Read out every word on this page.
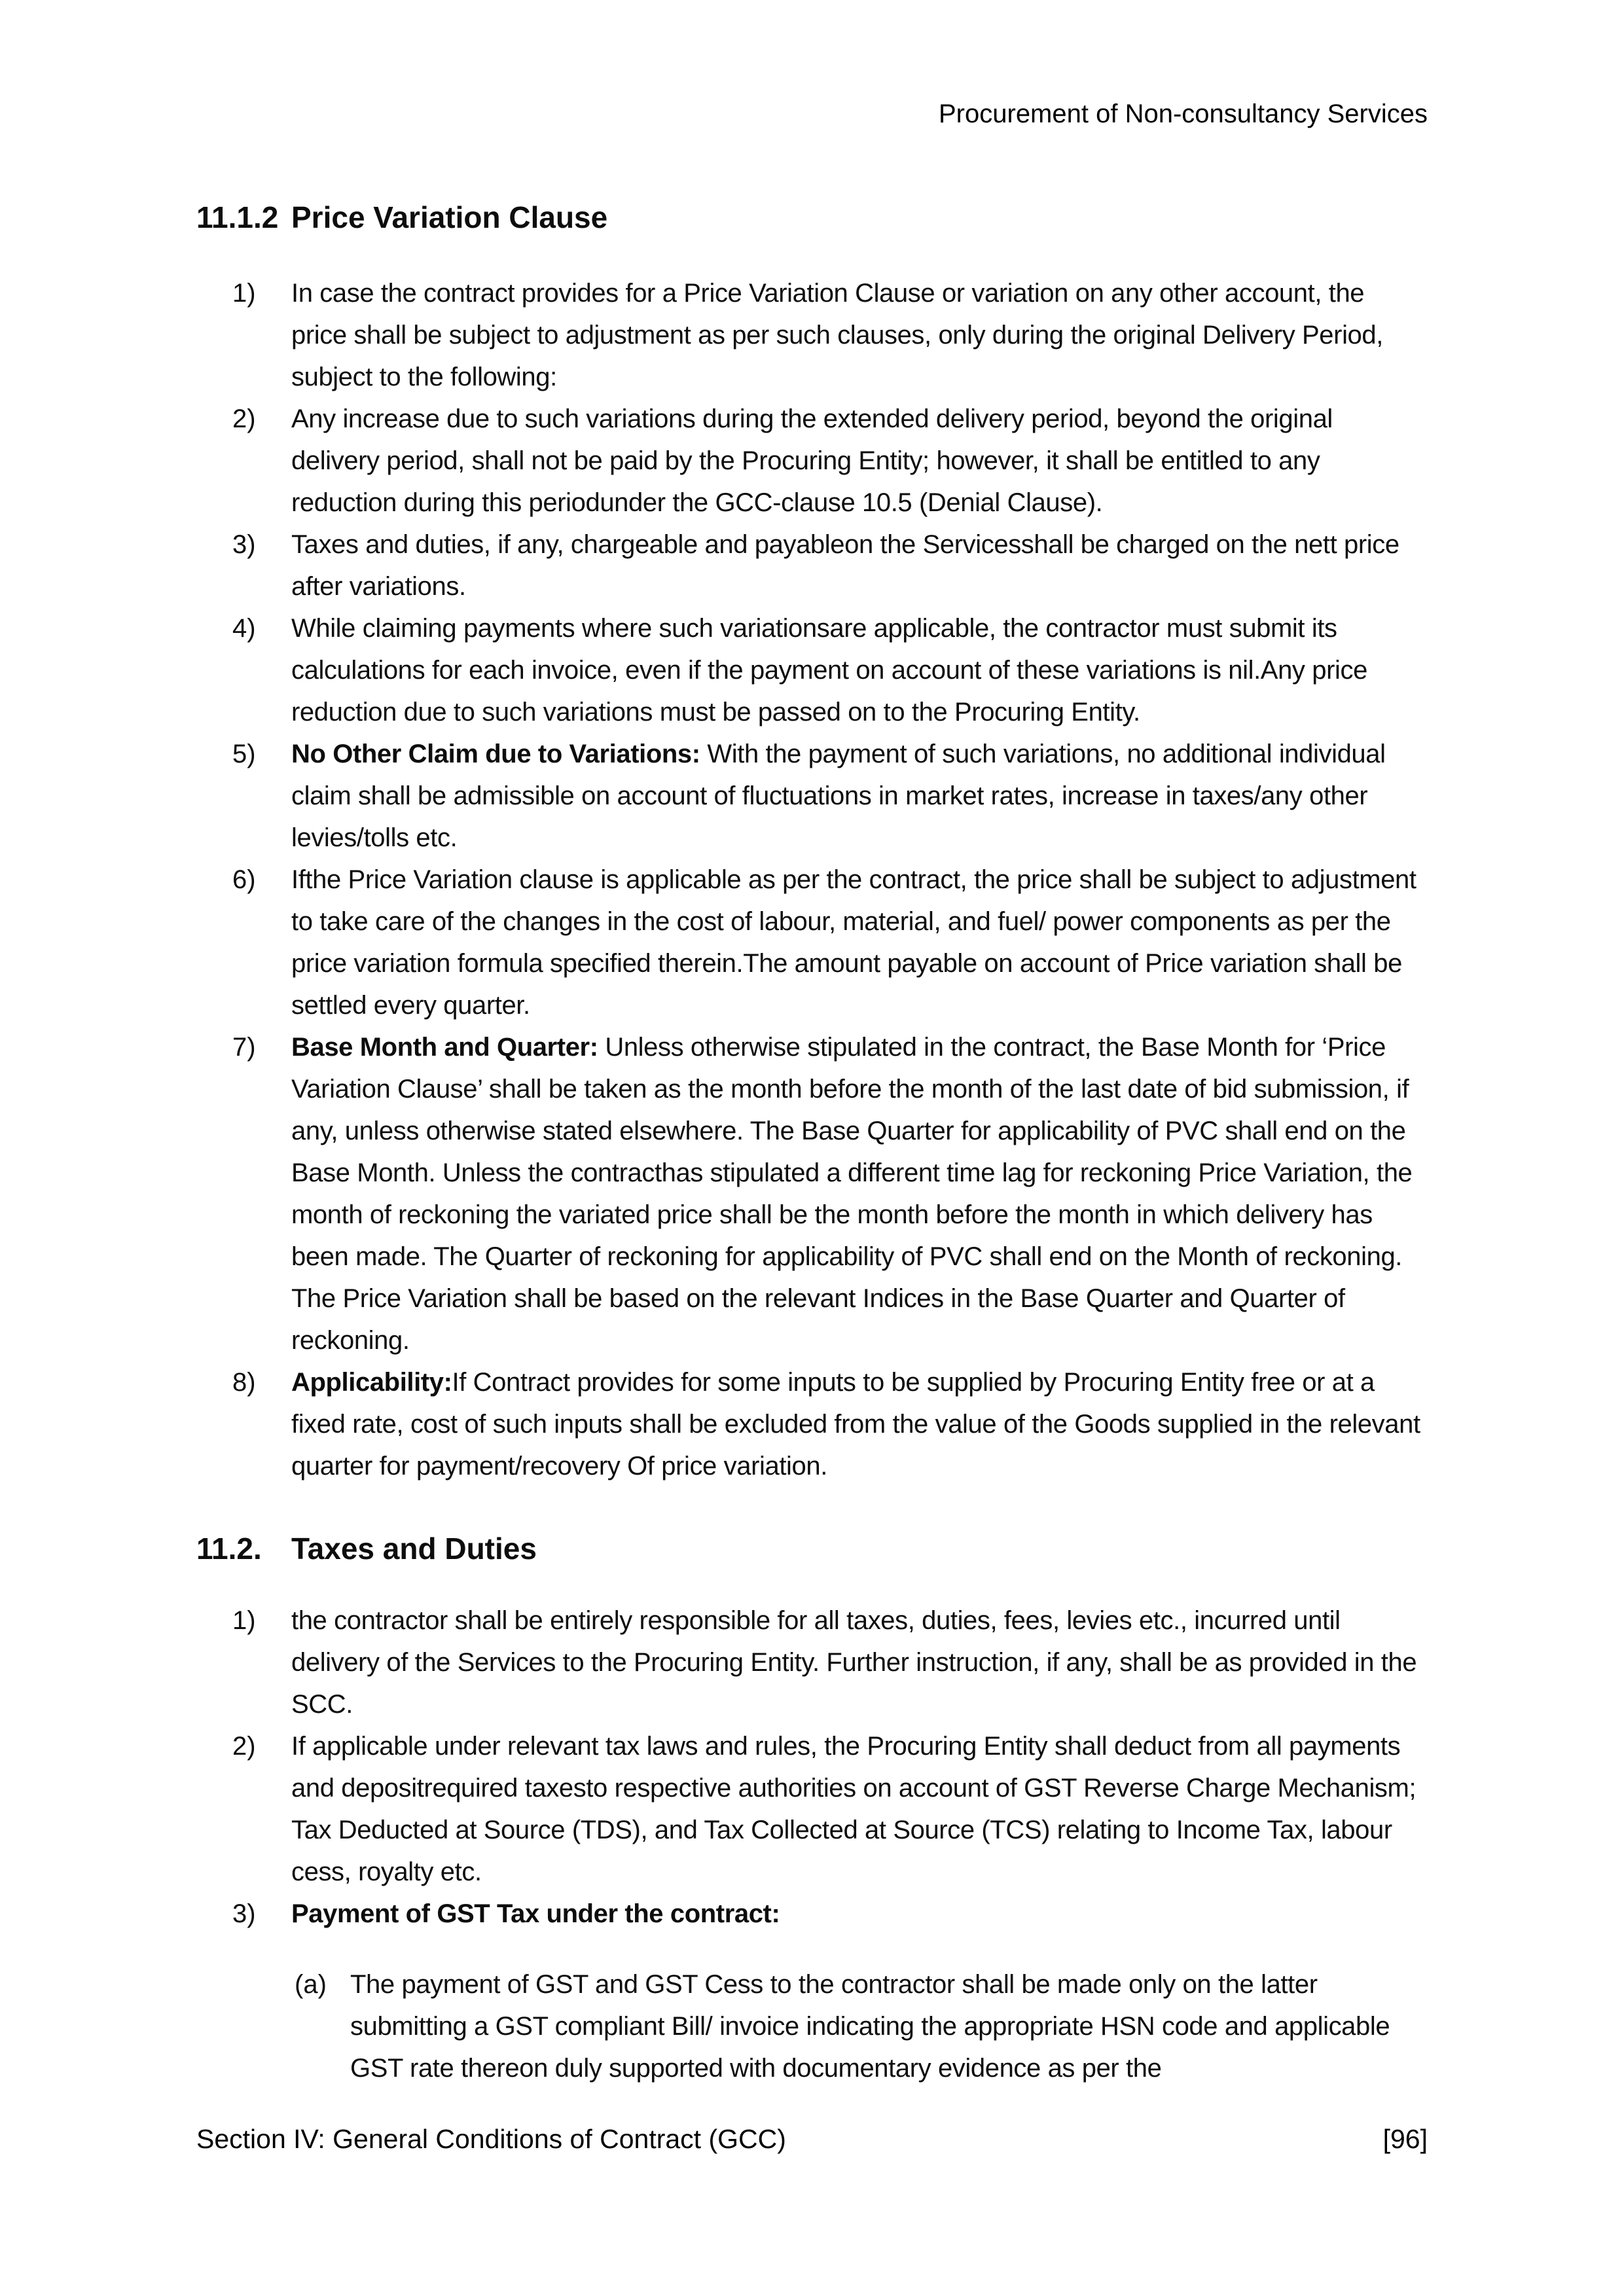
Procurement of Non-consultancy Services
11.1.2 Price Variation Clause
1)	In case the contract provides for a Price Variation Clause or variation on any other account, the price shall be subject to adjustment as per such clauses, only during the original Delivery Period, subject to the following:
2)	Any increase due to such variations during the extended delivery period, beyond the original delivery period, shall not be paid by the Procuring Entity; however, it shall be entitled to any reduction during this periodunder the GCC-clause 10.5 (Denial Clause).
3)	Taxes and duties, if any, chargeable and payableon the Servicesshall be charged on the nett price after variations.
4)	While claiming payments where such variationsare applicable, the contractor must submit its calculations for each invoice, even if the payment on account of these variations is nil.Any price reduction due to such variations must be passed on to the Procuring Entity.
5)	No Other Claim due to Variations: With the payment of such variations, no additional individual claim shall be admissible on account of fluctuations in market rates, increase in taxes/any other levies/tolls etc.
6)	Ifthe Price Variation clause is applicable as per the contract, the price shall be subject to adjustment to take care of the changes in the cost of labour, material, and fuel/ power components as per the price variation formula specified therein.The amount payable on account of Price variation shall be settled every quarter.
7)	Base Month and Quarter: Unless otherwise stipulated in the contract, the Base Month for ‘Price Variation Clause’ shall be taken as the month before the month of the last date of bid submission, if any, unless otherwise stated elsewhere. The Base Quarter for applicability of PVC shall end on the Base Month. Unless the contracthas stipulated a different time lag for reckoning Price Variation, the month of reckoning the variated price shall be the month before the month in which delivery has been made. The Quarter of reckoning for applicability of PVC shall end on the Month of reckoning. The Price Variation shall be based on the relevant Indices in the Base Quarter and Quarter of reckoning.
8)	Applicability:If Contract provides for some inputs to be supplied by Procuring Entity free or at a fixed rate, cost of such inputs shall be excluded from the value of the Goods supplied in the relevant quarter for payment/recovery Of price variation.
11.2. Taxes and Duties
1)	the contractor shall be entirely responsible for all taxes, duties, fees, levies etc., incurred until delivery of the Services to the Procuring Entity. Further instruction, if any, shall be as provided in the SCC.
2)	If applicable under relevant tax laws and rules, the Procuring Entity shall deduct from all payments and depositrequired taxesto respective authorities on account of GST Reverse Charge Mechanism; Tax Deducted at Source (TDS), and Tax Collected at Source (TCS) relating to Income Tax, labour cess, royalty etc.
3)	Payment of GST Tax under the contract:
(a) The payment of GST and GST Cess to the contractor shall be made only on the latter submitting a GST compliant Bill/ invoice indicating the appropriate HSN code and applicable GST rate thereon duly supported with documentary evidence as per the
Section IV: General Conditions of Contract (GCC)	[96]
